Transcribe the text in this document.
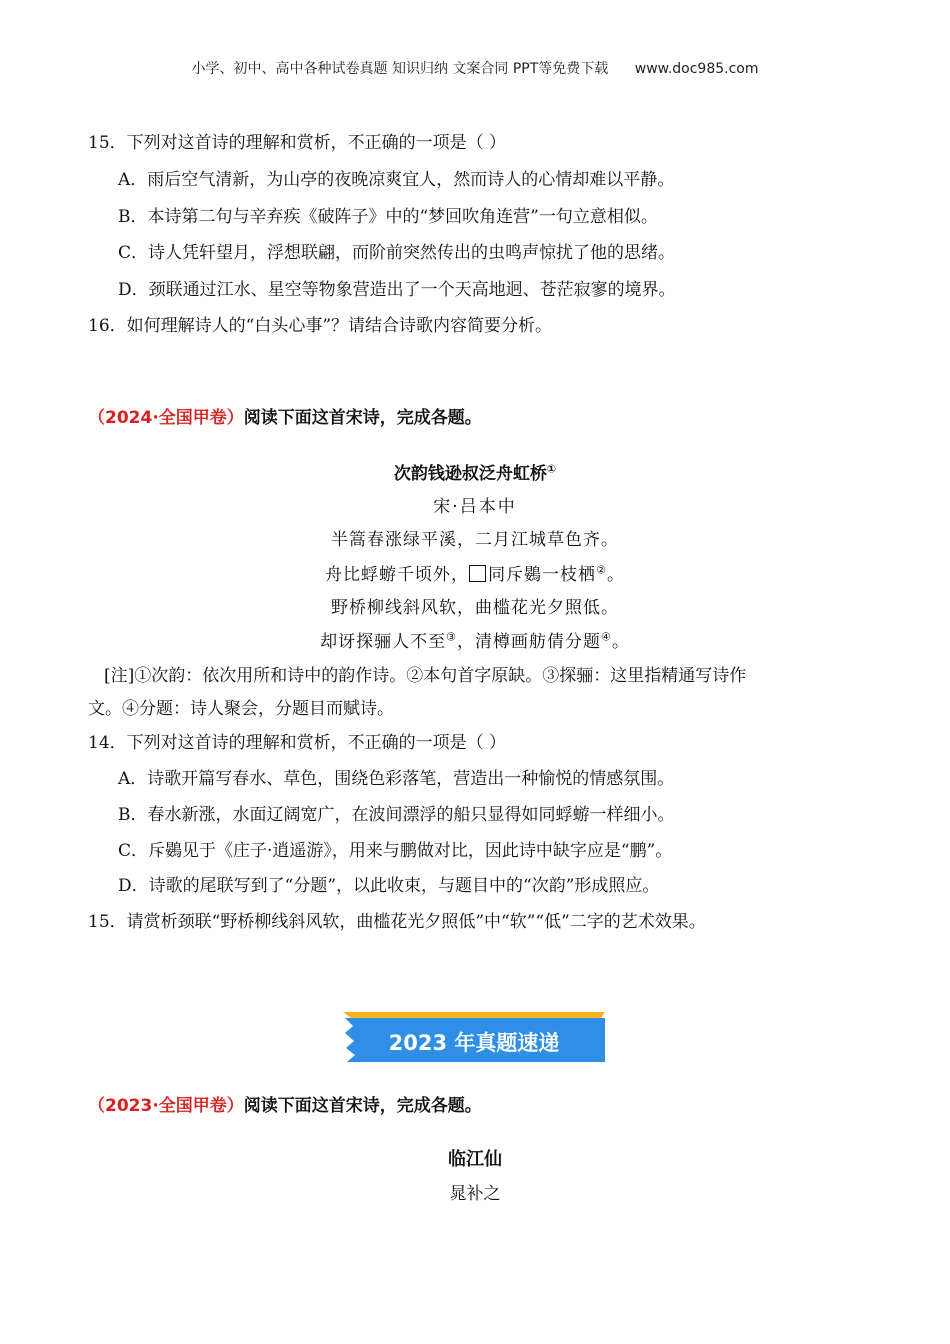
小学、初中、高中各种试卷真题 知识归纳 文案合同 PPT等免费下载 www.doc985.com
15．下列对这首诗的理解和赏析，不正确的一项是（ ）
A．雨后空气清新，为山亭的夜晚凉爽宜人，然而诗人的心情却难以平静。
B．本诗第二句与辛弃疾《破阵子》中的“梦回吹角连营”一句立意相似。
C．诗人凭轩望月，浮想联翩，而阶前突然传出的虫鸣声惊扰了他的思绪。
D．颈联通过江水、星空等物象营造出了一个天高地迥、苍茫寂寥的境界。
16．如何理解诗人的“白头心事”？请结合诗歌内容简要分析。
（2024·全国甲卷）阅读下面这首宋诗，完成各题。
次韵钱逊叔泛舟虹桥①
宋·吕本中
半篙春涨绿平溪，二月江城草色齐。
舟比蜉蝣千顷外， 同斥鷃一枝栖②。
野桥柳线斜风软，曲槛花光夕照低。
却讶探骊人不至③，清樽画舫倩分题④。
[注]①次韵：依次用所和诗中的韵作诗。②本句首字原缺。③探骊：这里指精通写诗作
文。④分题：诗人聚会，分题目而赋诗。
14．下列对这首诗的理解和赏析，不正确的一项是（ ）
A．诗歌开篇写春水、草色，围绕色彩落笔，营造出一种愉悦的情感氛围。
B．春水新涨，水面辽阔宽广，在波间漂浮的船只显得如同蜉蝣一样细小。
C．斥鷃见于《庄子·逍遥游》，用来与鹏做对比，因此诗中缺字应是“鹏”。
D．诗歌的尾联写到了“分题”，以此收束，与题目中的“次韵”形成照应。
15．请赏析颈联“野桥柳线斜风软，曲槛花光夕照低”中“软”“低”二字的艺术效果。
2023 年真题速递
（2023·全国甲卷）阅读下面这首宋诗，完成各题。
临江仙
晁补之
